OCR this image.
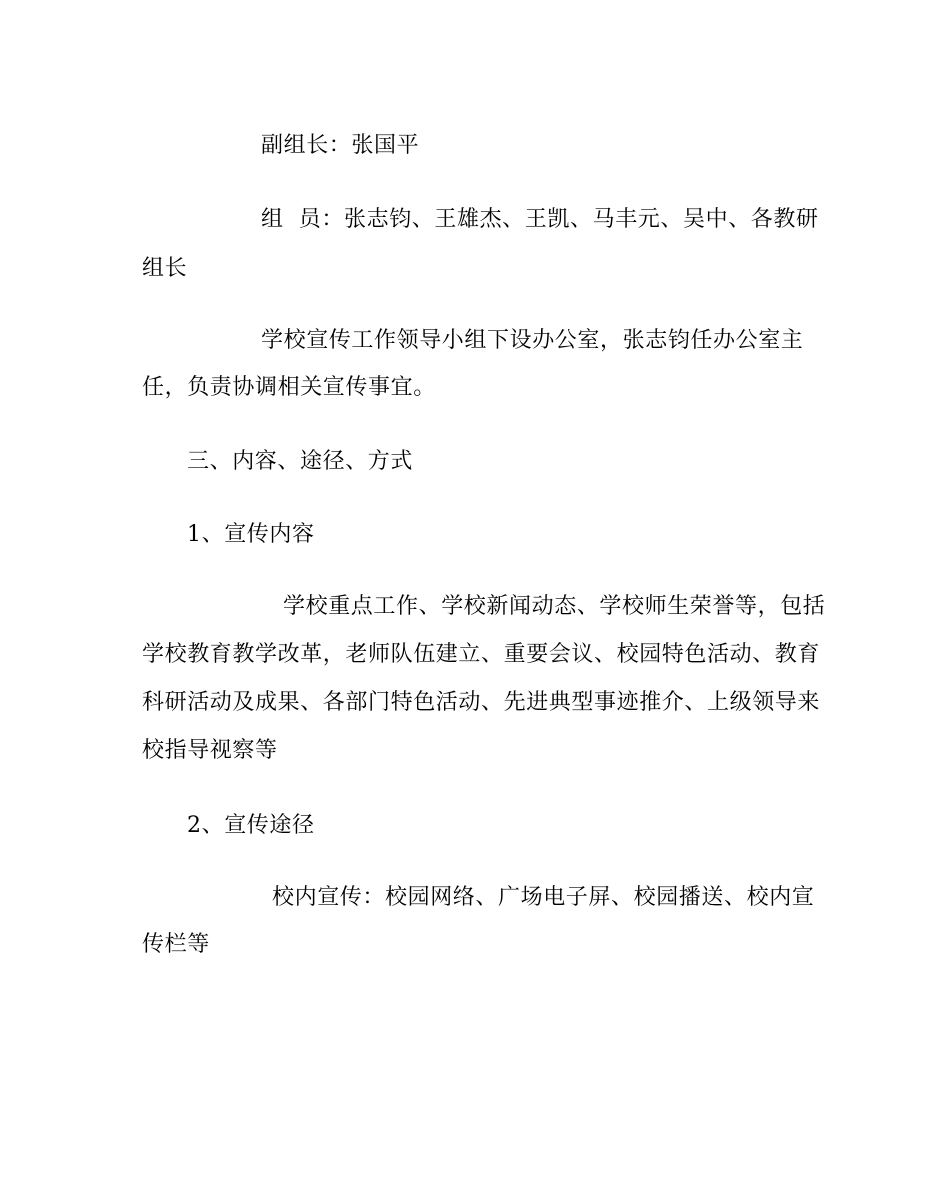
副组长：张国平
组  员：张志钧、王雄杰、王凯、马丰元、吴中、各教研
组长
学校宣传工作领导小组下设办公室，张志钧任办公室主
任，负责协调相关宣传事宜。
三、内容、途径、方式
1、宣传内容
学校重点工作、学校新闻动态、学校师生荣誉等，包括
学校教育教学改革，老师队伍建立、重要会议、校园特色活动、教育
科研活动及成果、各部门特色活动、先进典型事迹推介、上级领导来
校指导视察等
2、宣传途径
校内宣传：校园网络、广场电子屏、校园播送、校内宣
传栏等
